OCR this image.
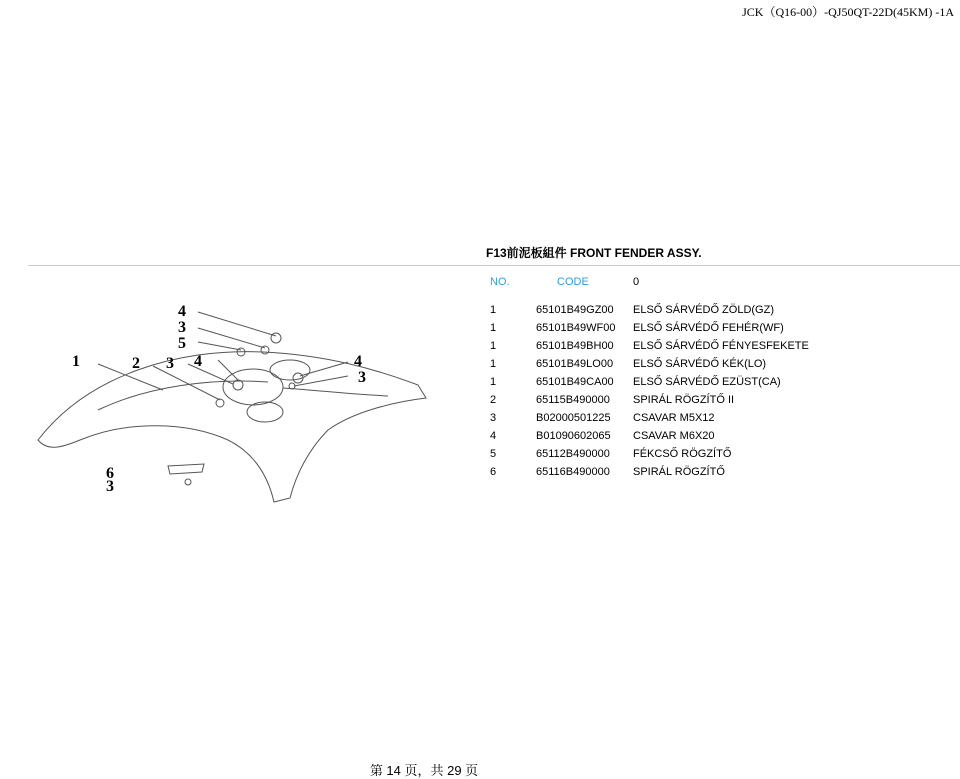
JCK（Q16-00）-QJ50QT-22D(45KM) -1A
F13前泥板組件 FRONT FENDER ASSY.
NO.	CODE	0
1	65101B49GZ00 ELSŐ SÁRVÉDŐ ZÖLD(GZ)
1	65101B49WF00 ELSŐ SÁRVÉDŐ FEHÉR(WF)
1	65101B49BH00 ELSŐ SÁRVÉDŐ FÉNYESFEKETE
1	65101B49LO00 ELSŐ SÁRVÉDŐ KÉK(LO)
1	65101B49CA00 ELSŐ SÁRVÉDŐ EZÜST(CA)
2	65115B490000 SPIRÁL RÖGZÍTŐ II
3	B02000501225 CSAVAR M5X12
4	B01090602065 CSAVAR M6X20
5	65112B490000 FÉKCSŐ RÖGZÍTŐ
6	65116B490000 SPIRÁL RÖGZÍTŐ
4
3
5
1	2 3 4	4
3
6
3
第 14 页，共 29 页
